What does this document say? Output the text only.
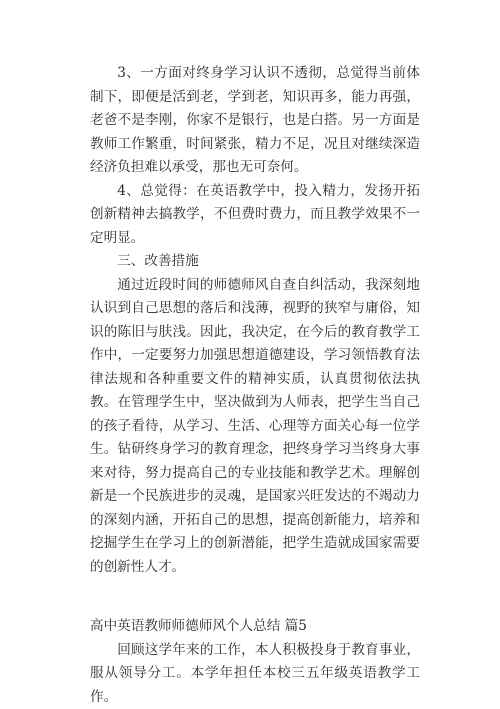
3、一方面对终身学习认识不透彻，总觉得当前体制下，即便是活到老，学到老，知识再多，能力再强，老爸不是李刚，你家不是银行，也是白搭。另一方面是教师工作繁重，时间紧张，精力不足，况且对继续深造经济负担难以承受，那也无可奈何。

4、总觉得：在英语教学中，投入精力，发扬开拓创新精神去搞教学，不但费时费力，而且教学效果不一定明显。

三、改善措施

通过近段时间的师德师风自查自纠活动，我深刻地认识到自己思想的落后和浅薄，视野的狭窄与庸俗，知识的陈旧与肤浅。因此，我决定，在今后的教育教学工作中，一定要努力加强思想道德建设，学习领悟教育法律法规和各种重要文件的精神实质，认真贯彻依法执教。在管理学生中，坚决做到为人师表，把学生当自己的孩子看待，从学习、生活、心理等方面关心每一位学生。钻研终身学习的教育理念，把终身学习当终身大事来对待，努力提高自己的专业技能和教学艺术。理解创新是一个民族进步的灵魂，是国家兴旺发达的不竭动力的深刻内涵，开拓自己的思想，提高创新能力，培养和挖掘学生在学习上的创新潜能，把学生造就成国家需要的创新性人才。

高中英语教师师德师风个人总结 篇5

回顾这学年来的工作，本人积极投身于教育事业，服从领导分工。本学年担任本校三五年级英语教学工作。
